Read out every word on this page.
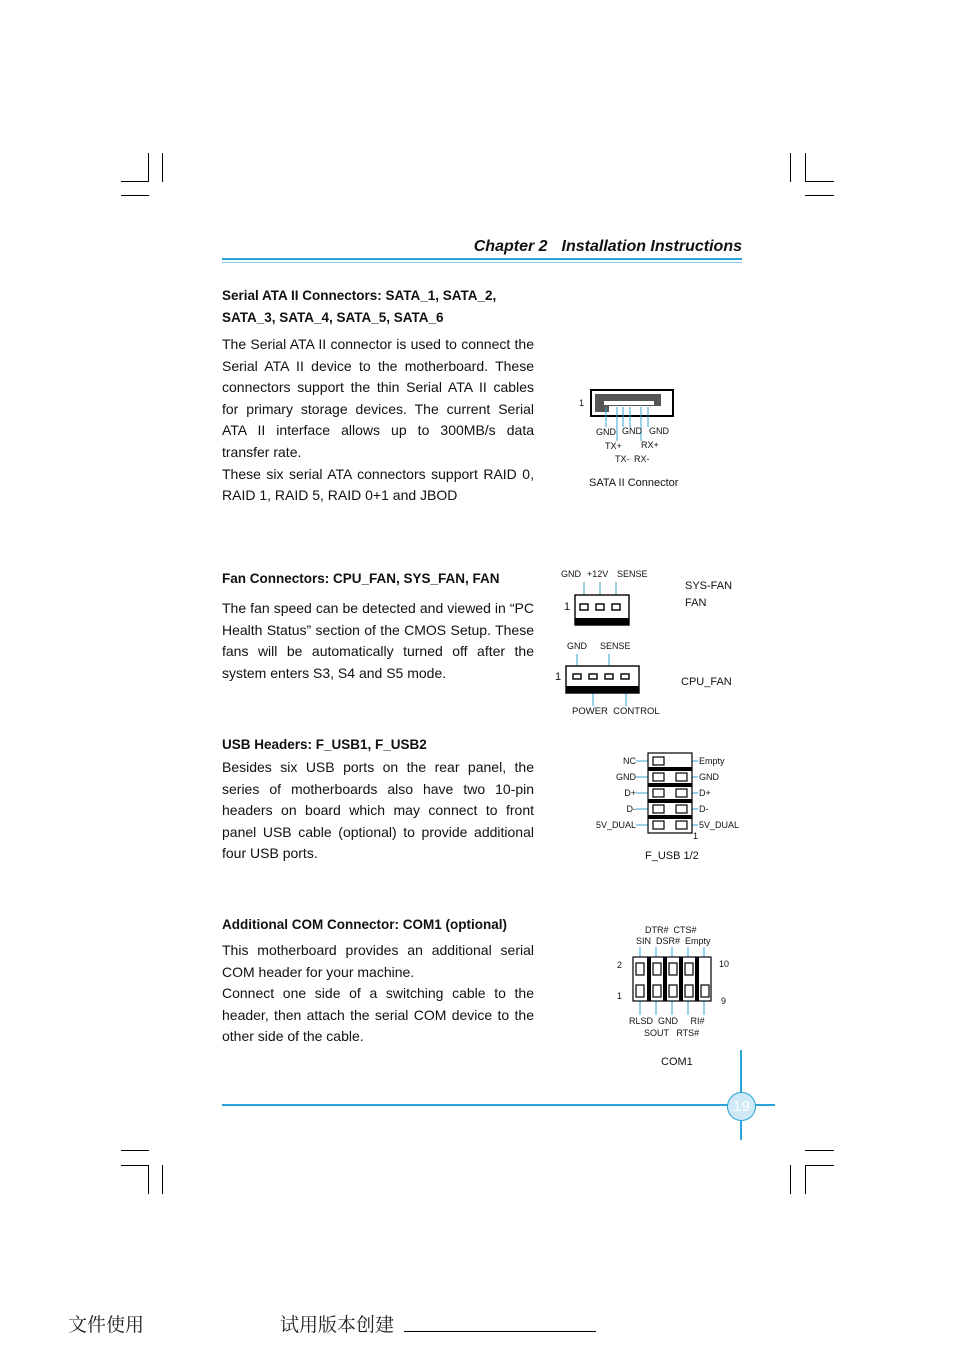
Chapter 2 Installation Instructions
Serial ATA II Connectors: SATA_1, SATA_2, SATA_3, SATA_4, SATA_5, SATA_6

The Serial ATA II connector is used to connect the Serial ATA II device to the motherboard. These connectors support the thin Serial ATA II cables for primary storage devices. The current Serial ATA II interface allows up to 300MB/s data transfer rate.

These six serial ATA connectors support RAID 0, RAID 1, RAID 5, RAID 0+1 and JBOD

1
GND GND GND
TX+ RX+
TX- RX-
SATA II Connector
Fan Connectors: CPU_FAN, SYS_FAN, FAN

The fan speed can be detected and viewed in “PC Health Status” section of the CMOS Setup. These fans will be automatically turned off after the system enters S3, S4 and S5 mode.

GND +12V SENSE
1
SYS-FAN
FAN
GND SENSE
1	CPU_FAN
POWER  CONTROL
USB Headers: F_USB1, F_USB2

Besides six USB ports on the rear panel, the series of motherboards also have two 10-pin headers on board which may connect to front panel USB cable (optional) to provide additional four USB ports.

NC
GND
D+
D-
5V_DUAL
Empty
GND
D+
D-
5V_DUAL
1
F_USB 1/2
Additional COM Connector: COM1 (optional)

This motherboard provides an additional serial COM header for your machine.

Connect one side of a switching cable to the header, then attach the serial COM device to the other side of the cable.

DTR#  CTS#
SIN  DSR#  Empty
2	10
1	9
RLSD  GND     RI#
SOUT   RTS#
COM1
19
文件使用	试用版本创建
